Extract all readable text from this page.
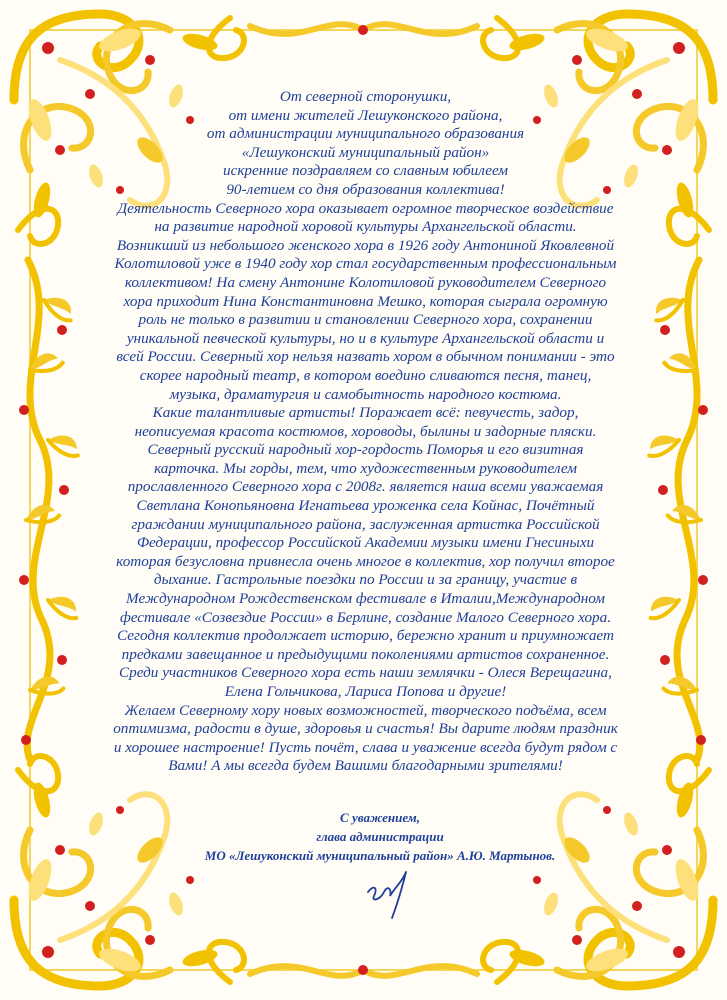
От северной сторонушки,

от имени жителей Лешуконского района,

от администрации муниципального образования

«Лешуконский муниципальный район»

искренние поздравляем со славным юбилеем

90-летием со дня образования коллектива!

Деятельность Северного хора оказывает огромное творческое воздействие

на развитие народной хоровой культуры Архангельской области.

Возникший из небольшого женского хора в 1926 году Антониной Яковлевной

Колотиловой уже в 1940 году хор стал государственным профессиональным

коллективом! На смену Антонине Колотиловой руководителем Северного

хора приходит Нина Константиновна Мешко, которая сыграла огромную

роль не только в развитии и становлении Северного хора, сохранении

уникальной певческой культуры, но и в культуре Архангельской области и

всей России. Северный хор нельзя назвать хором в обычном понимании - это

скорее народный театр, в котором воедино сливаются песня, танец,

музыка, драматургия и самобытность народного костюма.

Какие талантливые артисты! Поражает всё: певучесть, задор,

неописуемая красота костюмов, хороводы, былины и задорные пляски.

Северный русский народный хор-гордость Поморья и его визитная

карточка. Мы горды, тем, что художественным руководителем

прославленного Северного хора с 2008г. является наша всеми уважаемая

Светлана Конопьяновна Игнатьева уроженка села Койнас, Почётный

граждании муниципального района, заслуженная артистка Российской

Федерации, профессор Российской Академии музыки имени Гнесиныхи

которая безусловна привнесла очень многое в коллектив, хор получил второе

дыхание. Гастрольные поездки по России и за границу, участие в

Международном Рождественском фестивале в Италии,Международном

фестивале «Созвездие России» в Берлине, создание Малого Северного хора.

Сегодня коллектив продолжает историю, бережно хранит и приумножает

предками завещанное и предыдущими поколениями артистов сохраненное.

Среди участников Северного хора есть наши землячки - Олеся Верещагина,

Елена Гольчикова, Лариса Попова и другие!

Желаем Северному хору новых возможностей, творческого подъёма, всем

оптимизма, радости в душе, здоровья и счастья! Вы дарите людям праздник

и хорошее настроение! Пусть почёт, слава и уважение всегда будут рядом с

Вами! А мы всегда будем Вашими благодарными зрителями!

С уважением,

глава администрации

МО «Лешуконский муниципальный район» А.Ю. Мартынов.
